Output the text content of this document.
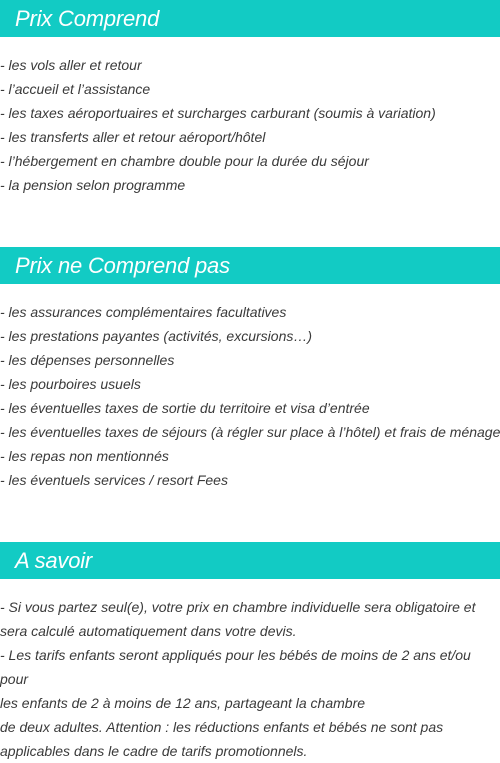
Prix Comprend
- les vols aller et retour
- l’accueil et l’assistance
- les taxes aéroportuaires et surcharges carburant (soumis à variation)
- les transferts aller et retour aéroport/hôtel
- l’hébergement en chambre double pour la durée du séjour
- la pension selon programme
Prix ne Comprend pas
- les assurances complémentaires facultatives
- les prestations payantes (activités, excursions…)
- les dépenses personnelles
- les pourboires usuels
- les éventuelles taxes de sortie du territoire et visa d’entrée
- les éventuelles taxes de séjours (à régler sur place à l’hôtel) et frais de ménage
- les repas non mentionnés
- les éventuels services / resort Fees
A savoir
- Si vous partez seul(e), votre prix en chambre individuelle sera obligatoire et
sera calculé automatiquement dans votre devis.
- Les tarifs enfants seront appliqués pour les bébés de moins de 2 ans et/ou pour
les enfants de 2 à moins de 12 ans, partageant la chambre
de deux adultes. Attention : les réductions enfants et bébés ne sont pas
applicables dans le cadre de tarifs promotionnels.
